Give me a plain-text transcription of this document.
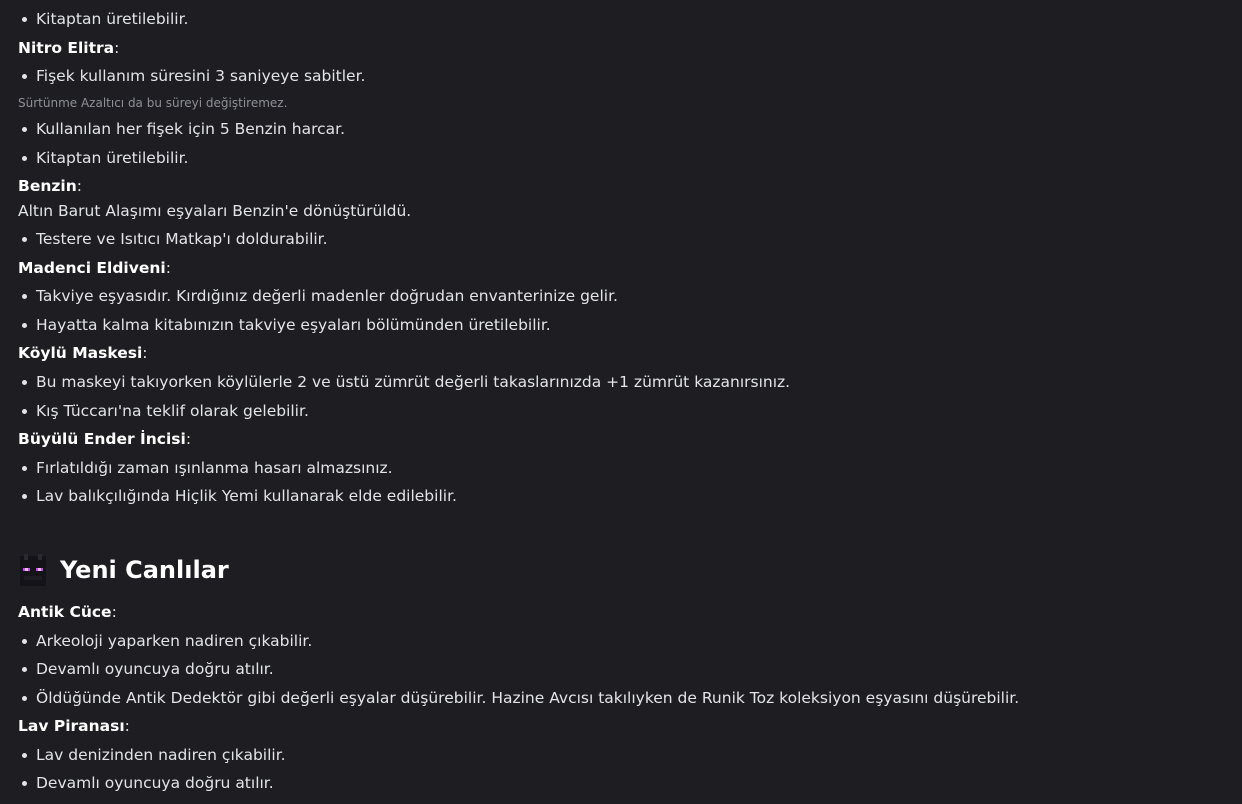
Kitaptan üretilebilir.
Nitro Elitra:
Fişek kullanım süresini 3 saniyeye sabitler.
Sürtünme Azaltıcı da bu süreyi değiştiremez.
Kullanılan her fişek için 5 Benzin harcar.
Kitaptan üretilebilir.
Benzin:
Altın Barut Alaşımı eşyaları Benzin'e dönüştürüldü.
Testere ve Isıtıcı Matkap'ı doldurabilir.
Madenci Eldiveni:
Takviye eşyasıdır. Kırdığınız değerli madenler doğrudan envanterinize gelir.
Hayatta kalma kitabınızın takviye eşyaları bölümünden üretilebilir.
Köylü Maskesi:
Bu maskeyi takıyorken köylülerle 2 ve üstü zümrüt değerli takaslarınızda +1 zümrüt kazanırsınız.
Kış Tüccarı'na teklif olarak gelebilir.
Büyülü Ender İncisi:
Fırlatıldığı zaman ışınlanma hasarı almazsınız.
Lav balıkçılığında Hiçlik Yemi kullanarak elde edilebilir.
Yeni Canlılar
Antik Cüce:
Arkeoloji yaparken nadiren çıkabilir.
Devamlı oyuncuya doğru atılır.
Öldüğünde Antik Dedektör gibi değerli eşyalar düşürebilir. Hazine Avcısı takılıyken de Runik Toz koleksiyon eşyasını düşürebilir.
Lav Piranası:
Lav denizinden nadiren çıkabilir.
Devamlı oyuncuya doğru atılır.
